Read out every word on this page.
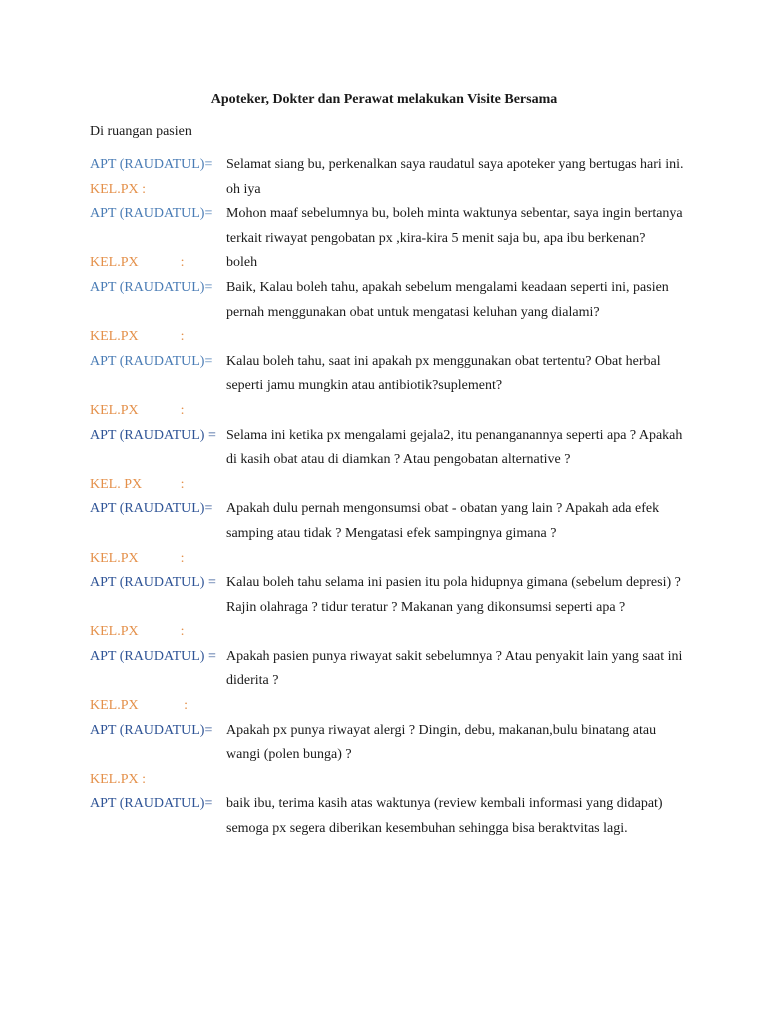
Apoteker, Dokter dan Perawat melakukan Visite Bersama
Di ruangan pasien
APT (RAUDATUL)= Selamat siang bu, perkenalkan saya raudatul saya apoteker yang bertugas hari ini.
KEL.PX :	oh iya
APT (RAUDATUL)= Mohon maaf sebelumnya bu, boleh minta waktunya sebentar, saya ingin bertanya terkait riwayat pengobatan px ,kira-kira 5 menit saja bu, apa ibu berkenan?
KEL.PX            :	boleh
APT (RAUDATUL)= Baik, Kalau boleh tahu, apakah sebelum mengalami keadaan seperti ini, pasien pernah menggunakan obat untuk mengatasi keluhan yang dialami?
KEL.PX            :
APT (RAUDATUL)= Kalau boleh tahu, saat ini apakah px menggunakan obat tertentu? Obat herbal seperti jamu mungkin atau antibiotik?suplement?
KEL.PX            :
APT (RAUDATUL) = Selama ini ketika px mengalami gejala2, itu penanganannya seperti apa ? Apakah di kasih obat atau di diamkan ? Atau pengobatan alternative ?
KEL. PX           :
APT (RAUDATUL)= Apakah dulu pernah mengonsumsi obat - obatan yang lain ? Apakah ada efek samping atau tidak ? Mengatasi efek sampingnya gimana ?
KEL.PX            :
APT (RAUDATUL) = Kalau boleh tahu selama ini pasien itu pola hidupnya gimana (sebelum depresi) ? Rajin olahraga ? tidur teratur ? Makanan yang dikonsumsi seperti apa ?
KEL.PX            :
APT (RAUDATUL) = Apakah pasien punya riwayat sakit sebelumnya ? Atau penyakit lain yang saat ini diderita ?
KEL.PX             :
APT (RAUDATUL)= Apakah px punya riwayat alergi ? Dingin, debu, makanan,bulu binatang atau wangi (polen bunga) ?
KEL.PX :
APT (RAUDATUL)= baik ibu, terima kasih atas waktunya (review kembali informasi yang didapat) semoga px segera diberikan kesembuhan sehingga bisa beraktvitas lagi.
